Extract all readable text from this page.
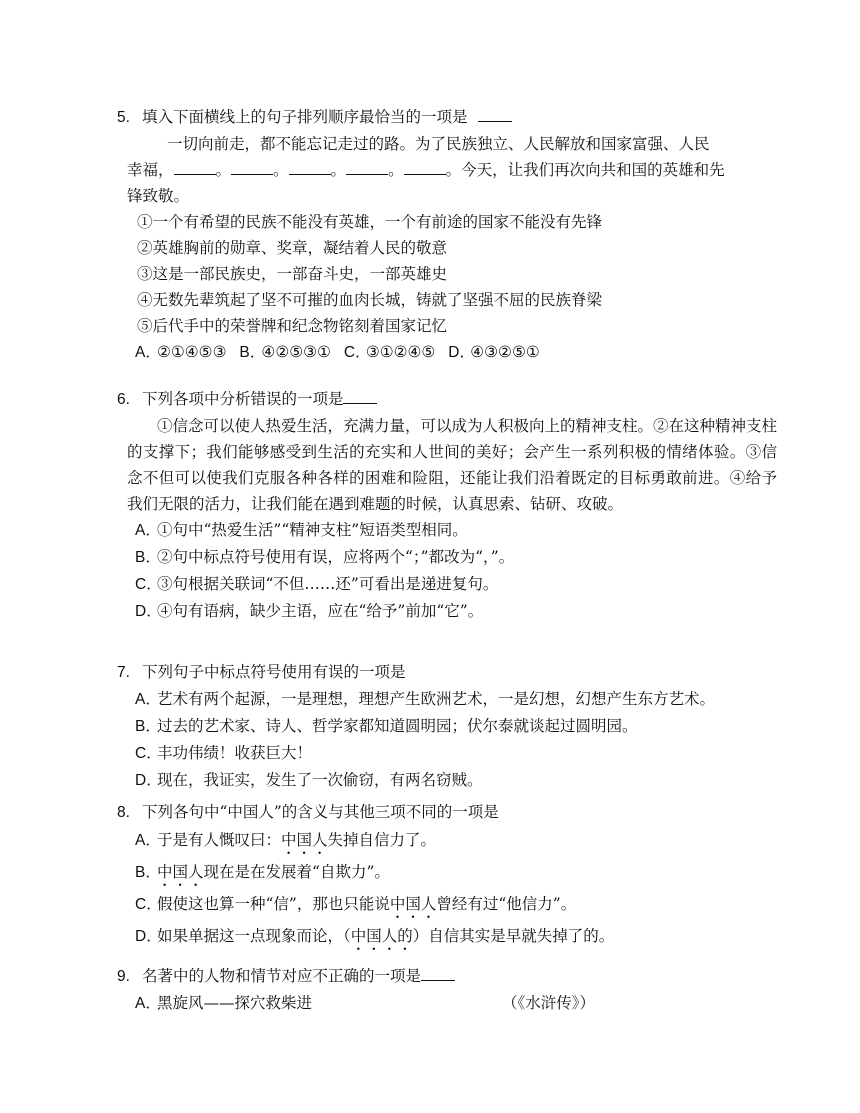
5. 填入下面横线上的句子排列顺序最恰当的一项是
一切向前走，都不能忘记走过的路。为了民族独立、人民解放和国家富强、人民
幸福，	。	。	。	。	。今天，让我们再次向共和国的英雄和先
锋致敬。
①一个有希望的民族不能没有英雄，一个有前途的国家不能没有先锋
②英雄胸前的勋章、奖章，凝结着人民的敬意
③这是一部民族史，一部奋斗史，一部英雄史
④无数先辈筑起了坚不可摧的血肉长城，铸就了坚强不屈的民族脊梁
⑤后代手中的荣誉牌和纪念物铭刻着国家记忆
A．②①④⑤③ B．④②⑤③① C．③①②④⑤ D．④③②⑤①
6. 下列各项中分析错误的一项是
①信念可以使人热爱生活，充满力量，可以成为人积极向上的精神支柱。②在这种精神支柱的支撑下；我们能够感受到生活的充实和人世间的美好；会产生一系列积极的情绪体验。③信念不但可以使我们克服各种各样的困难和险阻，还能让我们沿着既定的目标勇敢前进。④给予我们无限的活力，让我们能在遇到难题的时候，认真思索、钻研、攻破。
A．①句中“热爱生活”“精神支柱”短语类型相同。
B．②句中标点符号使用有误，应将两个“；”都改为“，”。
C．③句根据关联词“不但……还”可看出是递进复句。
D．④句有语病，缺少主语，应在“给予”前加“它”。
7. 下列句子中标点符号使用有误的一项是
A．艺术有两个起源，一是理想，理想产生欧洲艺术，一是幻想，幻想产生东方艺术。
B．过去的艺术家、诗人、哲学家都知道圆明园；伏尔泰就谈起过圆明园。
C．丰功伟绩！收获巨大！
D．现在，我证实，发生了一次偷窃，有两名窃贼。
8. 下列各句中“中国人”的含义与其他三项不同的一项是
A．于是有人慨叹曰：中国人失掉自信力了。
B．中国人现在是在发展着“自欺力”。
C．假使这也算一种“信”，那也只能说中国人曾经有过“他信力”。
D．如果单据这一点现象而论，（中国人的）自信其实是早就失掉了的。
9. 名著中的人物和情节对应不正确的一项是
A．黑旋风——探穴救柴进	（《水浒传》）
